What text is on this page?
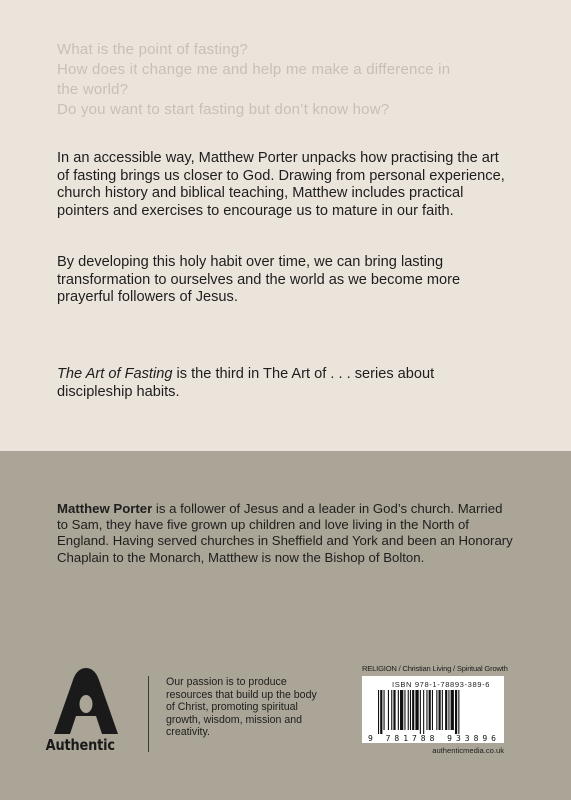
What is the point of fasting?
How does it change me and help me make a difference in
the world?
Do you want to start fasting but don’t know how?
In an accessible way, Matthew Porter unpacks how practising the art of fasting brings us closer to God. Drawing from personal experience, church history and biblical teaching, Matthew includes practical pointers and exercises to encourage us to mature in our faith.
By developing this holy habit over time, we can bring lasting transformation to ourselves and the world as we become more prayerful followers of Jesus.
The Art of Fasting is the third in The Art of . . . series about discipleship habits.
Matthew Porter is a follower of Jesus and a leader in God’s church. Married to Sam, they have five grown up children and love living in the North of England. Having served churches in Sheffield and York and been an Honorary Chaplain to the Monarch, Matthew is now the Bishop of Bolton.
Authentic
Our passion is to produce resources that build up the body of Christ, promoting spiritual growth, wisdom, mission and creativity.
RELIGION / Christian Living / Spiritual Growth
ISBN 978-1-78893-389-6
9 781788 933896
authenticmedia.co.uk
